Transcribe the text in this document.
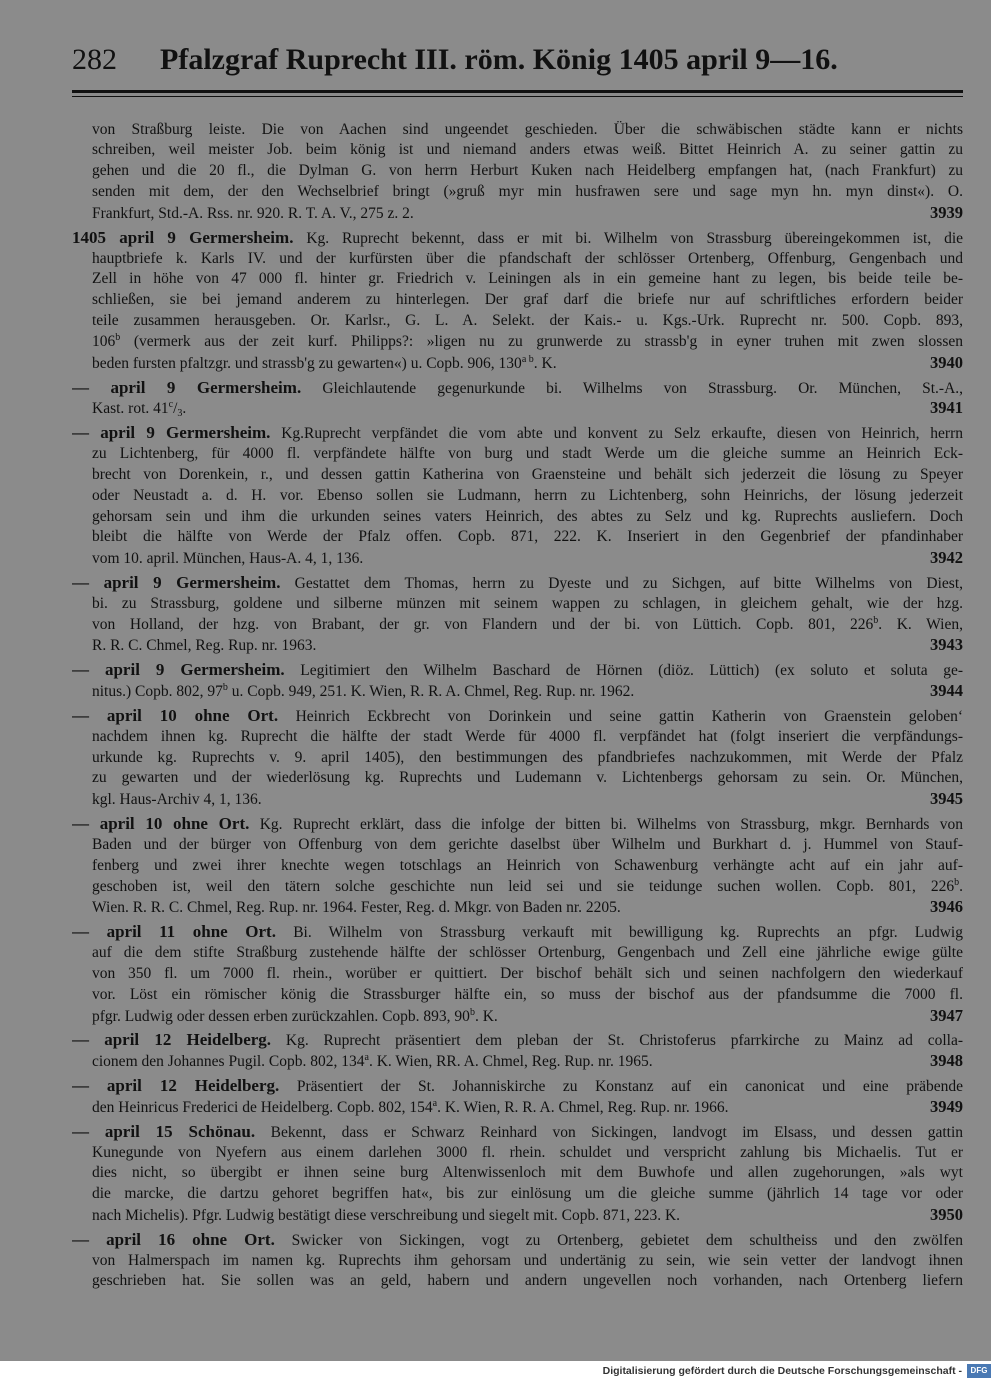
282 Pfalzgraf Ruprecht III. röm. König 1405 april 9—16.
von Straßburg leiste. Die von Aachen sind ungeendet geschieden. Über die schwäbischen städte kann er nichts
schreiben, weil meister Job. beim könig ist und niemand anders etwas weiß. Bittet Heinrich A. zu seiner gattin zu
gehen und die 20 fl., die Dylman G. von herrn Herburt Kuken nach Heidelberg empfangen hat, (nach Frankfurt) zu
senden mit dem, der den Wechselbrief bringt (»gruß myr min husfrawen sere und sage myn hn. myn dinst«). O.
Frankfurt, Std.-A. Rss. nr. 920. R. T. A. V., 275 z. 2.	3939
1405 april 9 Germersheim. Kg. Ruprecht bekennt, dass er mit bi. Wilhelm von Strassburg übereingekommen ist, die
hauptbriefe k. Karls IV. und der kurfürsten über die pfandschaft der schlösser Ortenberg, Offenburg, Gengenbach und
Zell in höhe von 47 000 fl. hinter gr. Friedrich v. Leiningen als in ein gemeine hant zu legen, bis beide teile be-
schließen, sie bei jemand anderem zu hinterlegen. Der graf darf die briefe nur auf schriftliches erfordern beider
teile zusammen herausgeben. Or. Karlsr., G. L. A. Selekt. der Kais.- u. Kgs.-Urk. Ruprecht nr. 500. Copb. 893,
106$^b$ (vermerk aus der zeit kurf. Philipps?: »ligen nu zu grunwerde zu strassb'g in eyner truhen mit zwen slossen
beden fursten pfaltzgr. und strassb'g zu gewarten«) u. Copb. 906, $130^{a b}$. K.	3940
— april 9 Germersheim. Gleichlautende gegenurkunde bi. Wilhelms von Strassburg. Or. München, St.-A.,
Kast. rot. $41^c/_3$.	3941
— april 9 Germersheim. Kg.Ruprecht verpfändet die vom abte und konvent zu Selz erkaufte, diesen von Heinrich, herrn
zu Lichtenberg, für 4000 fl. verpfändete hälfte von burg und stadt Werde um die gleiche summe an Heinrich Eck-
brecht von Dorenkein, r., und dessen gattin Katherina von Graensteine und behält sich jederzeit die lösung zu Speyer
oder Neustadt a. d. H. vor. Ebenso sollen sie Ludmann, herrn zu Lichtenberg, sohn Heinrichs, der lösung jederzeit
gehorsam sein und ihm die urkunden seines vaters Heinrich, des abtes zu Selz und kg. Ruprechts ausliefern. Doch
bleibt die hälfte von Werde der Pfalz offen. Copb. 871, 222. K. Inseriert in den Gegenbrief der pfandinhaber
vom 10. april. München, Haus-A. 4, 1, 136.	3942
— april 9 Germersheim. Gestattet dem Thomas, herrn zu Dyeste und zu Sichgen, auf bitte Wilhelms von Diest,
bi. zu Strassburg, goldene und silberne münzen mit seinem wappen zu schlagen, in gleichem gehalt, wie der hzg.
von Holland, der hzg. von Brabant, der gr. von Flandern und der bi. von Lüttich. Copb. 801, 226$^b$. K. Wien,
R. R. C. Chmel, Reg. Rup. nr. 1963.	3943
— april 9 Germersheim. Legitimiert den Wilhelm Baschard de Hörnen (diöz. Lüttich) (ex soluto et soluta ge-
nitus.) Copb. 802, 97$^b$ u. Copb. 949, 251. K. Wien, R. R. A. Chmel, Reg. Rup. nr. 1962.	3944
— april 10 ohne Ort. Heinrich Eckbrecht von Dorinkein und seine gattin Katherin von Graenstein geloben‘
nachdem ihnen kg. Ruprecht die hälfte der stadt Werde für 4000 fl. verpfändet hat (folgt inseriert die verpfändungs-
urkunde kg. Ruprechts v. 9. april 1405), den bestimmungen des pfandbriefes nachzukommen, mit Werde der Pfalz
zu gewarten und der wiederlösung kg. Ruprechts und Ludemann v. Lichtenbergs gehorsam zu sein. Or. München,
kgl. Haus-Archiv 4, 1, 136.	3945
— april 10 ohne Ort. Kg. Ruprecht erklärt, dass die infolge der bitten bi. Wilhelms von Strassburg, mkgr. Bernhards von
Baden und der bürger von Offenburg von dem gerichte daselbst über Wilhelm und Burkhart d. j. Hummel von Stauf-
fenberg und zwei ihrer knechte wegen totschlags an Heinrich von Schawenburg verhängte acht auf ein jahr auf-
geschoben ist, weil den tätern solche geschichte nun leid sei und sie teidunge suchen wollen. Copb. 801, 226$^b$.
Wien. R. R. C. Chmel, Reg. Rup. nr. 1964. Fester, Reg. d. Mkgr. von Baden nr. 2205.	3946
— april 11 ohne Ort. Bi. Wilhelm von Strassburg verkauft mit bewilligung kg. Ruprechts an pfgr. Ludwig
auf die dem stifte Straßburg zustehende hälfte der schlösser Ortenburg, Gengenbach und Zell eine jährliche ewige gülte
von 350 fl. um 7000 fl. rhein., worüber er quittiert. Der bischof behält sich und seinen nachfolgern den wiederkauf
vor. Löst ein römischer könig die Strassburger hälfte ein, so muss der bischof aus der pfandsumme die 7000 fl.
pfgr. Ludwig oder dessen erben zurückzahlen. Copb. 893, 90$^b$. K.	3947
— april 12 Heidelberg. Kg. Ruprecht präsentiert dem pleban der St. Christoferus pfarrkirche zu Mainz ad colla-
cionem den Johannes Pugil. Copb. 802, 134$^a$. K. Wien, RR. A. Chmel, Reg. Rup. nr. 1965.	3948
— april 12 Heidelberg. Präsentiert der St. Johanniskirche zu Konstanz auf ein canonicat und eine präbende
den Heinricus Frederici de Heidelberg. Copb. 802, 154$^a$. K. Wien, R. R. A. Chmel, Reg. Rup. nr. 1966.	3949
— april 15 Schönau. Bekennt, dass er Schwarz Reinhard von Sickingen, landvogt im Elsass, und dessen gattin
Kunegunde von Nyefern aus einem darlehen 3000 fl. rhein. schuldet und verspricht zahlung bis Michaelis. Tut er
dies nicht, so übergibt er ihnen seine burg Altenwissenloch mit dem Buwhofe und allen zugehorungen, »als wyt
die marcke, die dartzu gehoret begriffen hat«, bis zur einlösung um die gleiche summe (jährlich 14 tage vor oder
nach Michelis). Pfgr. Ludwig bestätigt diese verschreibung und siegelt mit. Copb. 871, 223. K.	3950
— april 16 ohne Ort. Swicker von Sickingen, vogt zu Ortenberg, gebietet dem schultheiss und den zwölfen
von Halmerspach im namen kg. Ruprechts ihm gehorsam und undertänig zu sein, wie sein vetter der landvogt ihnen
geschrieben hat. Sie sollen was an geld, habern und andern ungevellen noch vorhanden, nach Ortenberg liefern
Digitalisierung gefördert durch die Deutsche Forschungsgemeinschaft -	DFG
